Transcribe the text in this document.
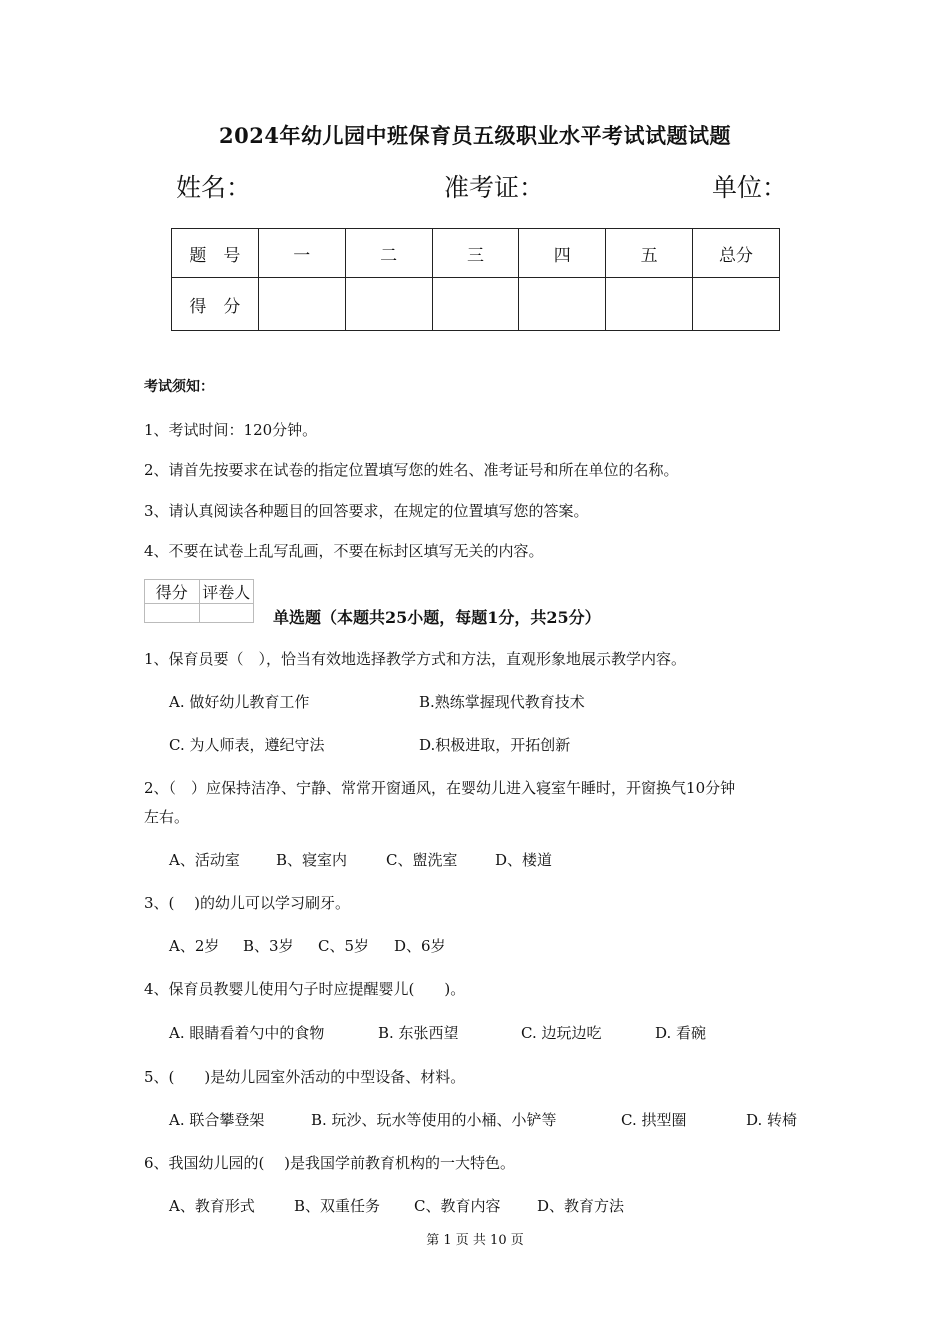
2024年幼儿园中班保育员五级职业水平考试试题试题
姓名：	准考证：	单位：
题　号	一	二	三	四	五	总分
得　分						
考试须知：
1、考试时间：120分钟。
2、请首先按要求在试卷的指定位置填写您的姓名、准考证号和所在单位的名称。
3、请认真阅读各种题目的回答要求，在规定的位置填写您的答案。
4、不要在试卷上乱写乱画，不要在标封区填写无关的内容。
得分	评卷人

单选题（本题共25小题，每题1分，共25分）
1、保育员要（　），恰当有效地选择教学方式和方法，直观形象地展示教学内容。
A. 做好幼儿教育工作	B.熟练掌握现代教育技术
C. 为人师表，遵纪守法	D.积极进取，开拓创新
2、（　）应保持洁净、宁静、常常开窗通风，在婴幼儿进入寝室午睡时，开窗换气10分钟
左右。
A、活动室 B、寝室内	C、盥洗室	D、楼道
3、(　 )的幼儿可以学习刷牙。
A、2岁 B、3岁 C、5岁 D、6岁
4、保育员教婴儿使用勺子时应提醒婴儿(　　)。
A. 眼睛看着勺中的食物	B. 东张西望	C. 边玩边吃	D. 看碗
5、(　　)是幼儿园室外活动的中型设备、材料。
A. 联合攀登架	B. 玩沙、玩水等使用的小桶、小铲等	C. 拱型圈	D. 转椅
6、我国幼儿园的(　 )是我国学前教育机构的一大特色。
A、教育形式	B、双重任务 C、教育内容 D、教育方法
第 1 页 共 10 页
